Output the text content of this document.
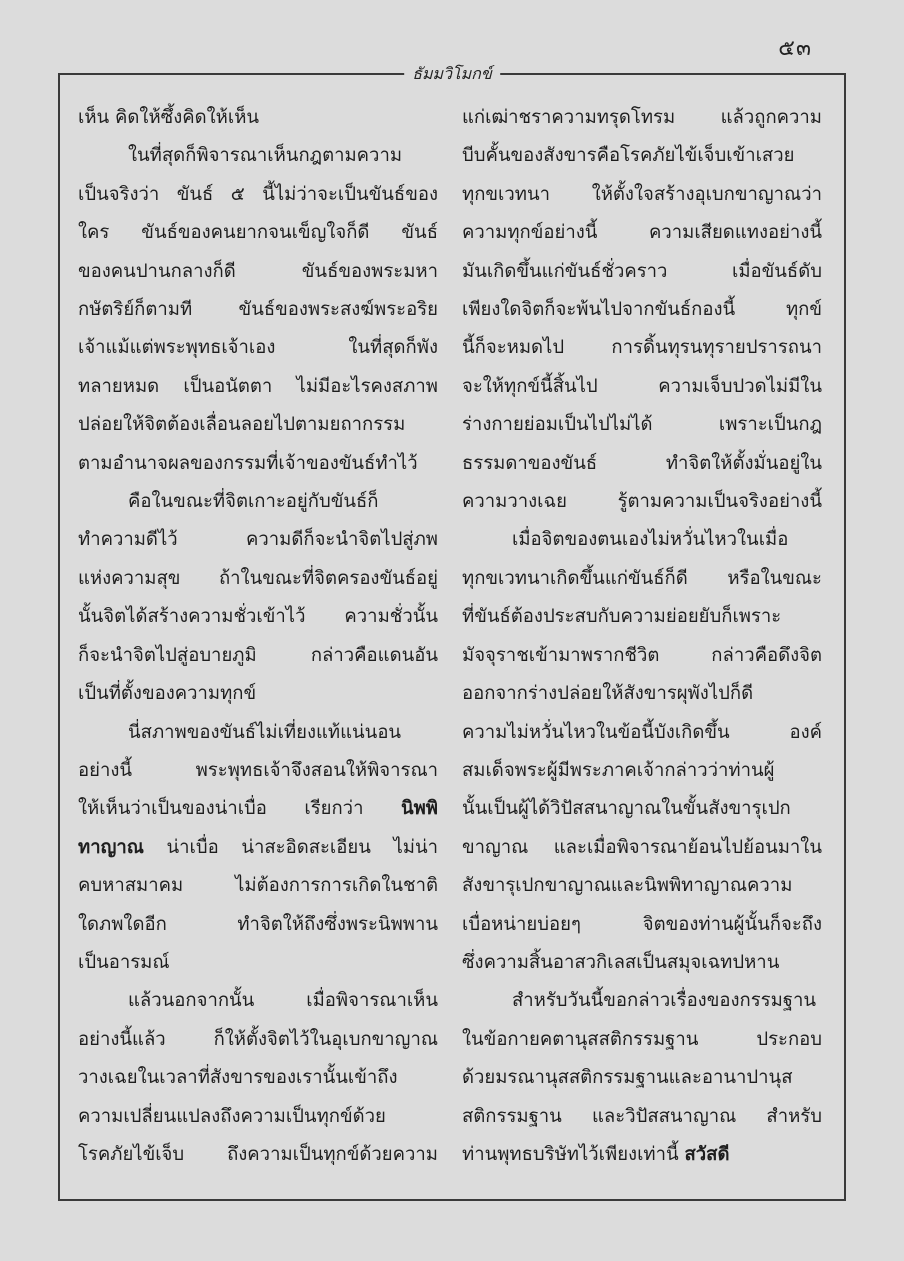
๕๓
ธัมมวิโมกข์
เห็น คิดให้ซึ้งคิดให้เห็น
ในที่สุดก็พิจารณาเห็นกฎตามความ
เป็นจริงว่า ขันธ์ ๕ นี้ไม่ว่าจะเป็นขันธ์ของ
ใคร ขันธ์ของคนยากจนเข็ญใจก็ดี ขันธ์
ของคนปานกลางก็ดี ขันธ์ของพระมหา
กษัตริย์ก็ตามที ขันธ์ของพระสงฆ์พระอริย
เจ้าแม้แต่พระพุทธเจ้าเอง ในที่สุดก็พัง
ทลายหมด เป็นอนัตตา ไม่มีอะไรคงสภาพ
ปล่อยให้จิตต้องเลื่อนลอยไปตามยถากรรม
ตามอำนาจผลของกรรมที่เจ้าของขันธ์ทำไว้
คือในขณะที่จิตเกาะอยู่กับขันธ์ก็
ทำความดีไว้ ความดีก็จะนำจิตไปสู่ภพ
แห่งความสุข ถ้าในขณะที่จิตครองขันธ์อยู่
นั้นจิตได้สร้างความชั่วเข้าไว้ ความชั่วนั้น
ก็จะนำจิตไปสู่อบายภูมิ กล่าวคือแดนอัน
เป็นที่ตั้งของความทุกข์
นี่สภาพของขันธ์ไม่เที่ยงแท้แน่นอน
อย่างนี้ พระพุทธเจ้าจึงสอนให้พิจารณา
ให้เห็นว่าเป็นของน่าเบื่อ เรียกว่า นิพพิ
ทาญาณ น่าเบื่อ น่าสะอิดสะเอียน ไม่น่า
คบหาสมาคม ไม่ต้องการการเกิดในชาติ
ใดภพใดอีก ทำจิตให้ถึงซึ่งพระนิพพาน
เป็นอารมณ์
แล้วนอกจากนั้น เมื่อพิจารณาเห็น
อย่างนี้แล้ว ก็ให้ตั้งจิตไว้ในอุเบกขาญาณ
วางเฉยในเวลาที่สังขารของเรานั้นเข้าถึง
ความเปลี่ยนแปลงถึงความเป็นทุกข์ด้วย
โรคภัยไข้เจ็บ ถึงความเป็นทุกข์ด้วยความ
แก่เฒ่าชราความทรุดโทรม แล้วถูกความ
บีบคั้นของสังขารคือโรคภัยไข้เจ็บเข้าเสวย
ทุกขเวทนา ให้ตั้งใจสร้างอุเบกขาญาณว่า
ความทุกข์อย่างนี้ ความเสียดแทงอย่างนี้
มันเกิดขึ้นแก่ขันธ์ชั่วคราว เมื่อขันธ์ดับ
เพียงใดจิตก็จะพ้นไปจากขันธ์กองนี้ ทุกข์
นี้ก็จะหมดไป การดิ้นทุรนทุรายปรารถนา
จะให้ทุกข์นี้สิ้นไป ความเจ็บปวดไม่มีใน
ร่างกายย่อมเป็นไปไม่ได้ เพราะเป็นกฎ
ธรรมดาของขันธ์ ทำจิตให้ตั้งมั่นอยู่ใน
ความวางเฉย รู้ตามความเป็นจริงอย่างนี้
เมื่อจิตของตนเองไม่หวั่นไหวในเมื่อ
ทุกขเวทนาเกิดขึ้นแก่ขันธ์ก็ดี หรือในขณะ
ที่ขันธ์ต้องประสบกับความย่อยยับก็เพราะ
มัจจุราชเข้ามาพรากชีวิต กล่าวคือดึงจิต
ออกจากร่างปล่อยให้สังขารผุพังไปก็ดี
ความไม่หวั่นไหวในข้อนี้บังเกิดขึ้น องค์
สมเด็จพระผู้มีพระภาคเจ้ากล่าวว่าท่านผู้
นั้นเป็นผู้ได้วิปัสสนาญาณในขั้นสังขารุเปก
ขาญาณ และเมื่อพิจารณาย้อนไปย้อนมาใน
สังขารุเปกขาญาณและนิพพิทาญาณความ
เบื่อหน่ายบ่อยๆ จิตของท่านผู้นั้นก็จะถึง
ซึ่งความสิ้นอาสวกิเลสเป็นสมุจเฉทปหาน
สำหรับวันนี้ขอกล่าวเรื่องของกรรมฐาน
ในข้อกายคตานุสสติกรรมฐาน ประกอบ
ด้วยมรณานุสสติกรรมฐานและอานาปานุส
สติกรรมฐาน และวิปัสสนาญาณ สำหรับ
ท่านพุทธบริษัทไว้เพียงเท่านี้ สวัสดี
